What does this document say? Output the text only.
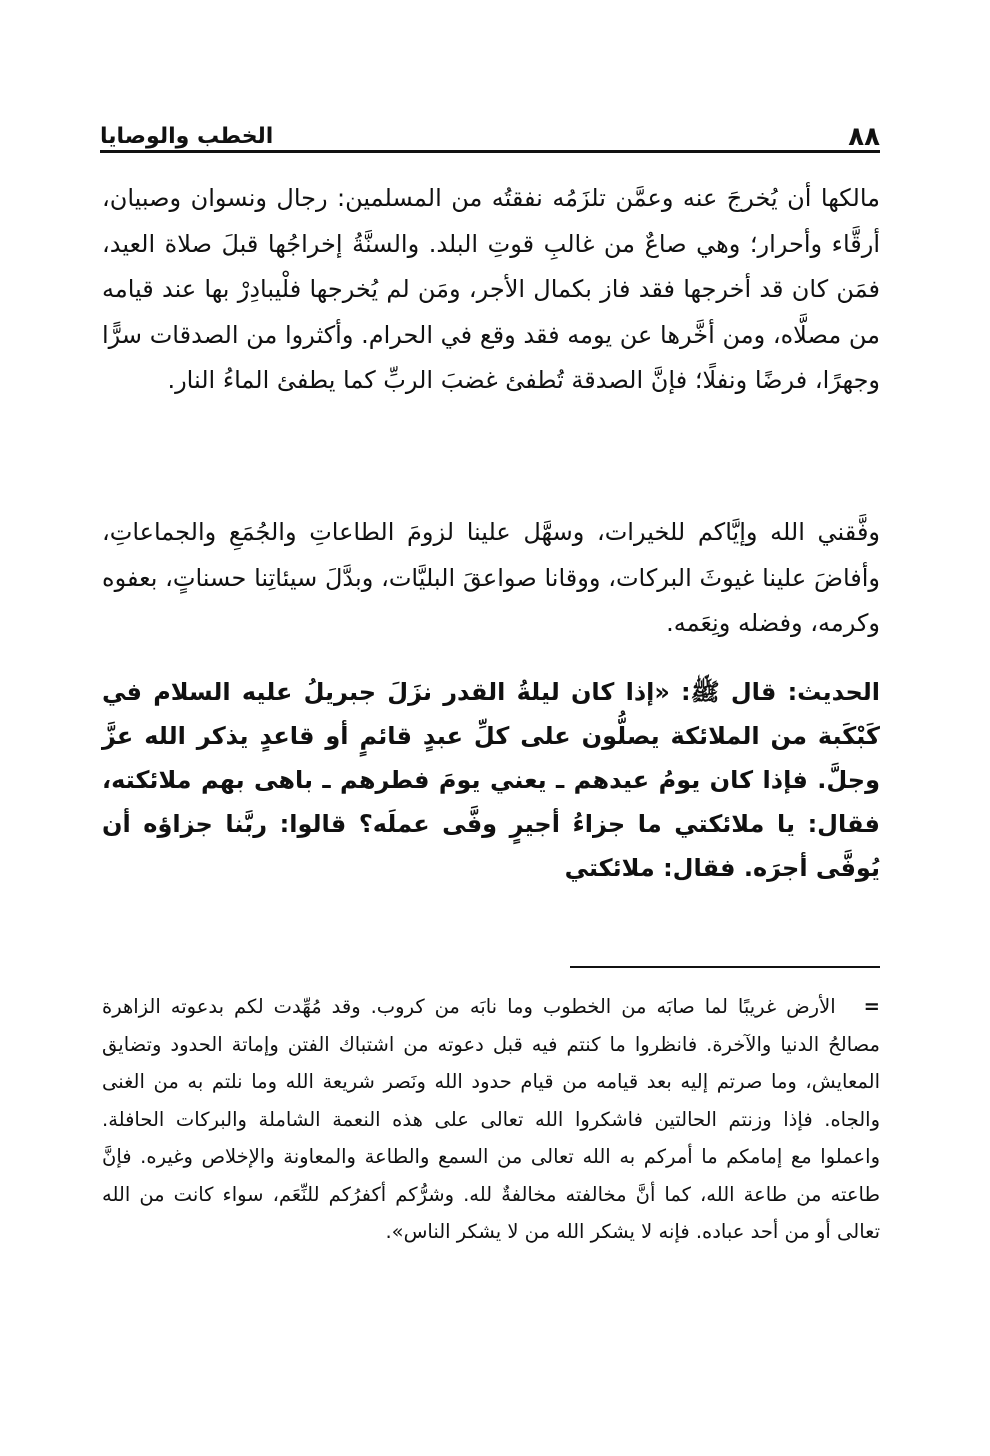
٨٨
الخطب والوصايا

مالكها أن يُخرجَ عنه وعمَّن تلزَمُه نفقتُه من المسلمين: رجال ونسوان وصبيان، أرقَّاء وأحرار؛ وهي صاعٌ من غالبِ قوتِ البلد. والسنَّةُ إخراجُها قبلَ صلاة العيد، فمَن كان قد أخرجها فقد فاز بكمال الأجر، ومَن لم يُخرجها فلْيبادِرْ بها عند قيامه من مصلَّاه، ومن أخَّرها عن يومه فقد وقع في الحرام. وأكثروا من الصدقات سرًّا وجهرًا، فرضًا ونفلًا؛ فإنَّ الصدقة تُطفئ غضبَ الربِّ كما يطفئ الماءُ النار.

وفَّقني الله وإيَّاكم للخيرات، وسهَّل علينا لزومَ الطاعاتِ والجُمَعِ والجماعاتِ، وأفاضَ علينا غيوثَ البركات، ووقانا صواعقَ البليَّات، وبدَّلَ سيئاتِنا حسناتٍ، بعفوه وكرمه، وفضله ونِعَمه.

الحديث: قال ﷺ: «إذا كان ليلةُ القدر نزَلَ جبريلُ عليه السلام في كَبْكَبة من الملائكة يصلُّون على كلِّ عبدٍ قائمٍ أو قاعدٍ يذكر الله عزَّ وجلَّ. فإذا كان يومُ عيدهم ـ يعني يومَ فطرهم ـ باهى بهم ملائكته، فقال: يا ملائكتي ما جزاءُ أجيرٍ وفَّى عملَه؟ قالوا: ربَّنا جزاؤه أن يُوفَّى أجرَه. فقال: ملائكتي

=الأرض غريبًا لما صابَه من الخطوب وما نابَه من كروب. وقد مُهِّدت لكم بدعوته الزاهرة مصالحُ الدنيا والآخرة. فانظروا ما كنتم فيه قبل دعوته من اشتباك الفتن وإماتة الحدود وتضايق المعايش، وما صرتم إليه بعد قيامه من قيام حدود الله ونَصر شريعة الله وما نلتم به من الغنى والجاه. فإذا وزنتم الحالتين فاشكروا الله تعالى على هذه النعمة الشاملة والبركات الحافلة. واعملوا مع إمامكم ما أمركم به الله تعالى من السمع والطاعة والمعاونة والإخلاص وغيره. فإنَّ طاعته من طاعة الله، كما أنَّ مخالفته مخالفةٌ لله. وشرُّكم أكفرُكم للنِّعَم، سواء كانت من الله تعالى أو من أحد عباده. فإنه لا يشكر الله من لا يشكر الناس».
